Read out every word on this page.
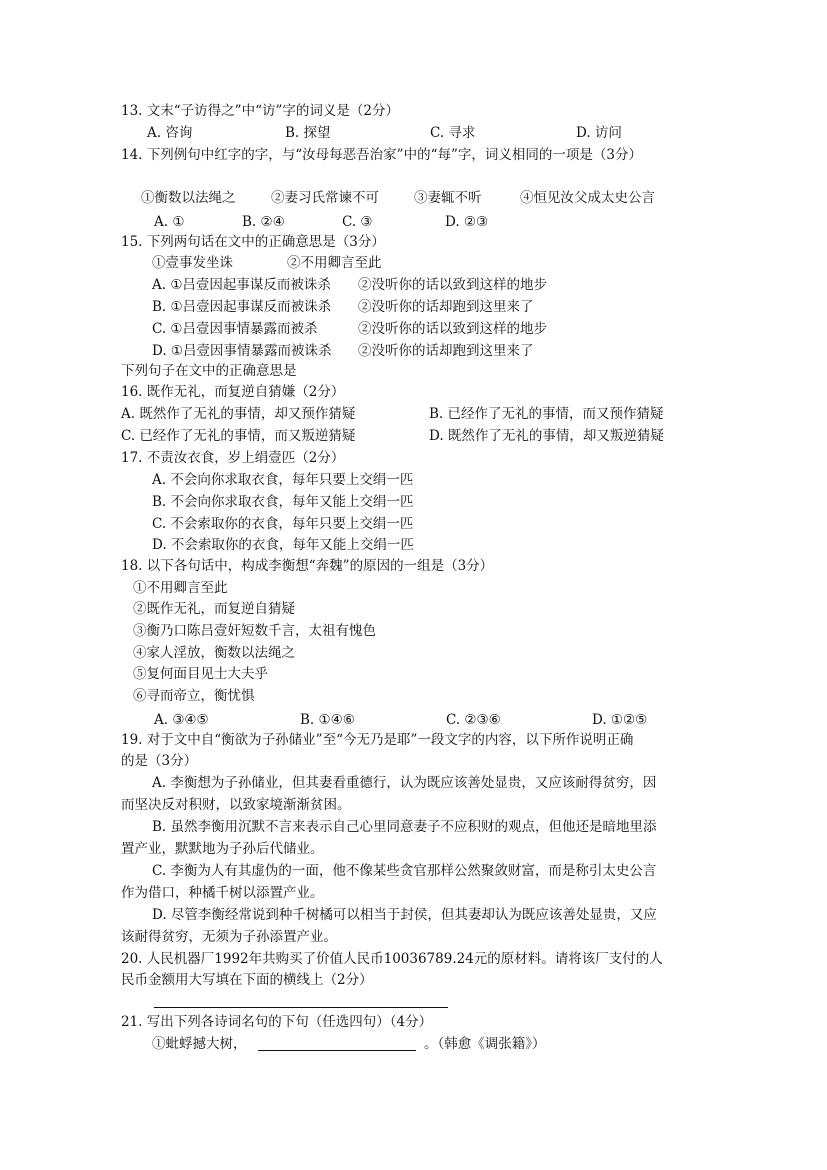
13. 文末“子访得之”中“访”字的词义是（2分）
A. 咨询	B. 探望	C. 寻求	D. 访问
14. 下列例句中红字的字，与“汝母每恶吾治家”中的“每”字，词义相同的一项是（3分）
①衡数以法绳之	②妻习氏常谏不可	③妻辄不听	④恒见汝父成太史公言
A. ①	B. ②④	C. ③	D. ②③
15. 下列两句话在文中的正确意思是（3分）
①壹事发坐诛	②不用卿言至此
A. ①吕壹因起事谋反而被诛杀 ②没听你的话以致到这样的地步
B. ①吕壹因起事谋反而被诛杀 ②没听你的话却跑到这里来了
C. ①吕壹因事情暴露而被杀	②没听你的话以致到这样的地步
D. ①吕壹因事情暴露而被诛杀 ②没听你的话却跑到这里来了
下列句子在文中的正确意思是
16. 既作无礼，而复逆自猜嫌（2分）
A. 既然作了无礼的事情，却又预作猜疑	B. 已经作了无礼的事情，而又预作猜疑
C. 已经作了无礼的事情，而又叛逆猜疑	D. 既然作了无礼的事情，却又叛逆猜疑
17. 不责汝衣食，岁上绢壹匹（2分）
A. 不会向你求取衣食，每年只要上交绢一匹
B. 不会向你求取衣食，每年又能上交绢一匹
C. 不会索取你的衣食，每年只要上交绢一匹
D. 不会索取你的衣食，每年又能上交绢一匹
18. 以下各句话中，构成李衡想“奔魏”的原因的一组是（3分）
①不用卿言至此
②既作无礼，而复逆自猜疑
③衡乃口陈吕壹奸短数千言，太祖有愧色
④家人淫放，衡数以法绳之
⑤复何面目见士大夫乎
⑥寻而帝立，衡忧惧
A. ③④⑤	B. ①④⑥	C. ②③⑥	D. ①②⑤
19. 对于文中自“衡欲为子孙储业”至“今无乃是耶”一段文字的内容，以下所作说明正确
的是（3分）
A. 李衡想为子孙储业，但其妻看重德行，认为既应该善处显贵，又应该耐得贫穷，因
而坚决反对积财，以致家境渐渐贫困。
B. 虽然李衡用沉默不言来表示自己心里同意妻子不应积财的观点，但他还是暗地里添
置产业，默默地为子孙后代储业。
C. 李衡为人有其虚伪的一面，他不像某些贪官那样公然聚敛财富，而是称引太史公言
作为借口，种橘千树以添置产业。
D. 尽管李衡经常说到种千树橘可以相当于封侯，但其妻却认为既应该善处显贵，又应
该耐得贫穷，无须为子孙添置产业。
20. 人民机器厂1992年共购买了价值人民币10036789.24元的原材料。请将该厂支付的人
民币金额用大写填在下面的横线上（2分）
21. 写出下列各诗词名句的下句（任选四句）（4分）
①蚍蜉撼大树，	。（韩愈《调张籍》）
